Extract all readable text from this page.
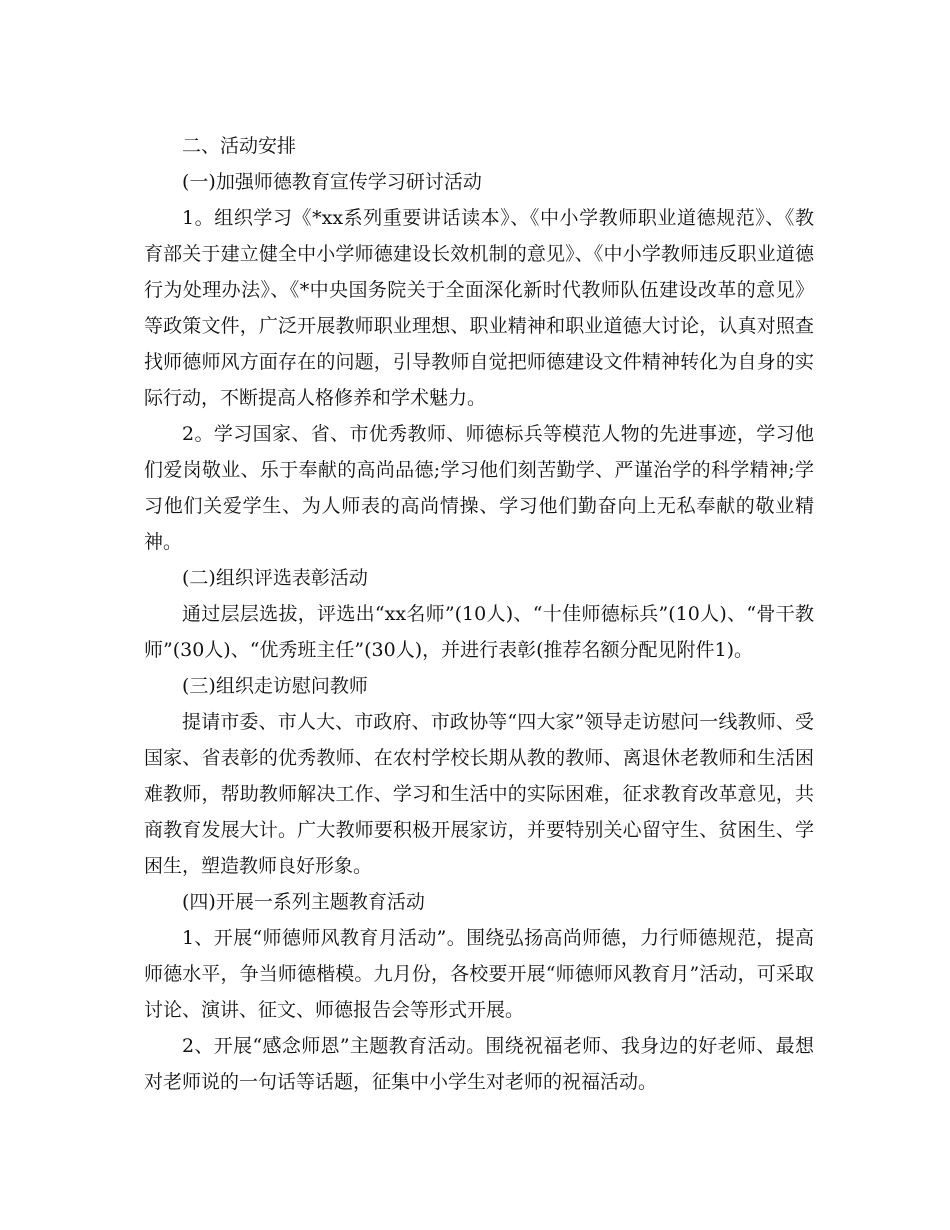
二、活动安排

(一)加强师德教育宣传学习研讨活动

1。组织学习《*xx系列重要讲话读本》、《中小学教师职业道德规范》、《教育部关于建立健全中小学师德建设长效机制的意见》、《中小学教师违反职业道德行为处理办法》、《*中央国务院关于全面深化新时代教师队伍建设改革的意见》等政策文件，广泛开展教师职业理想、职业精神和职业道德大讨论，认真对照查找师德师风方面存在的问题，引导教师自觉把师德建设文件精神转化为自身的实际行动，不断提高人格修养和学术魅力。

2。学习国家、省、市优秀教师、师德标兵等模范人物的先进事迹，学习他们爱岗敬业、乐于奉献的高尚品德;学习他们刻苦勤学、严谨治学的科学精神;学习他们关爱学生、为人师表的高尚情操、学习他们勤奋向上无私奉献的敬业精神。

(二)组织评选表彰活动

通过层层选拔，评选出“xx名师”(10人)、“十佳师德标兵”(10人)、“骨干教师”(30人)、“优秀班主任”(30人)，并进行表彰(推荐名额分配见附件1)。

(三)组织走访慰问教师

提请市委、市人大、市政府、市政协等“四大家”领导走访慰问一线教师、受国家、省表彰的优秀教师、在农村学校长期从教的教师、离退休老教师和生活困难教师，帮助教师解决工作、学习和生活中的实际困难，征求教育改革意见，共商教育发展大计。广大教师要积极开展家访，并要特别关心留守生、贫困生、学困生，塑造教师良好形象。

(四)开展一系列主题教育活动

1、开展“师德师风教育月活动”。围绕弘扬高尚师德，力行师德规范，提高师德水平，争当师德楷模。九月份，各校要开展“师德师风教育月”活动，可采取讨论、演讲、征文、师德报告会等形式开展。

2、开展“感念师恩”主题教育活动。围绕祝福老师、我身边的好老师、最想对老师说的一句话等话题，征集中小学生对老师的祝福活动。
